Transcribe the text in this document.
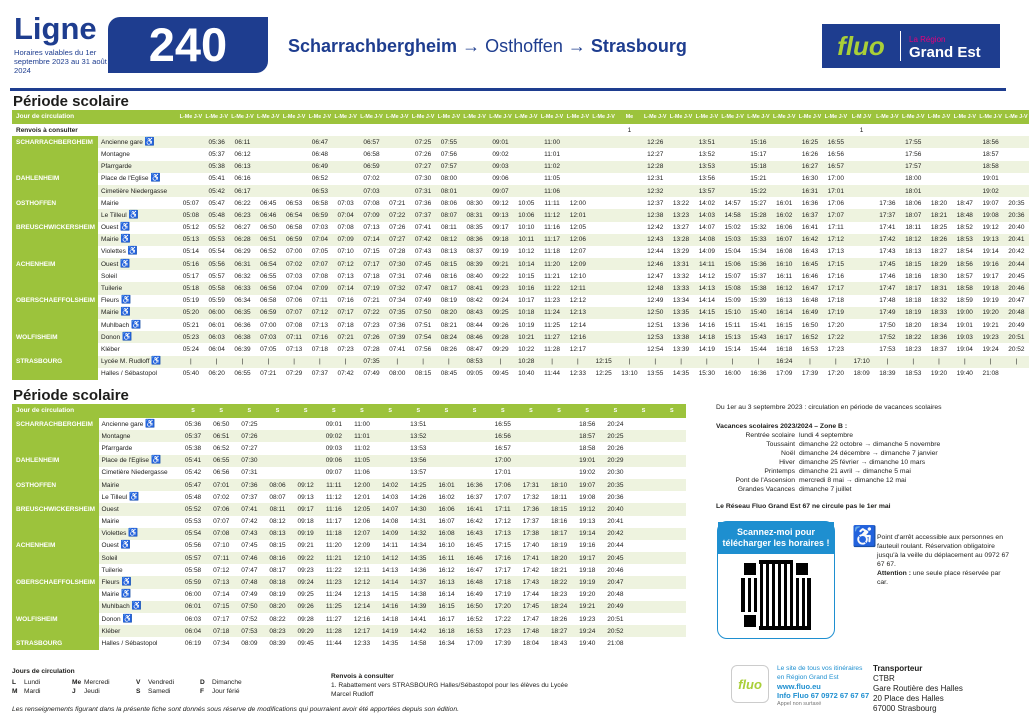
Ligne
Horaires valables du 1er septembre 2023 au 31 août 2024	240	Scharrachbergheim → Osthoffen → Strasbourg	fluo	La Région
Grand Est
Période scolaire
Jour de circulation		L-Me J-V	L-Me J-V	L-Me J-V	L-Me J-V	L-Me J-V	L-Me J-V	L-Me J-V	L-Me J-V	L-Me J-V	L-Me J-V	L-Me J-V	L-Me J-V	L-Me J-V	L-Me J-V	L-Me J-V	L-Me J-V	L-Me J-V	Me	L-Me J-V	L-Me J-V	L-Me J-V	L-Me J-V	L-Me J-V	L-Me J-V	L-Me J-V	L-Me J-V	L-M J-V	L-Me J-V	L-Me J-V	L-Me J-V	L-Me J-V	L-Me J-V	L-Me J-V
Renvois à consulter																			1									1						
SCHARRACHBERGHEIM	Ancienne gare ♿		05:36	06:11			06:47		06:57		07:25	07:55		09:01		11:00				12:26		13:51		15:16		16:25	16:55			17:55			18:56	
	Montagne		05:37	06:12			06:48		06:58		07:26	07:56		09:02		11:01				12:27		13:52		15:17		16:26	16:56			17:56			18:57	
	Pfarrgarde		05:38	06:13			06:49		06:59		07:27	07:57		09:03		11:02				12:28		13:53		15:18		16:27	16:57			17:57			18:58	
DAHLENHEIM	Place de l'Eglise ♿		05:41	06:16			06:52		07:02		07:30	08:00		09:06		11:05				12:31		13:56		15:21		16:30	17:00			18:00			19:01	
	Cimetière Niedergasse		05:42	06:17			06:53		07:03		07:31	08:01		09:07		11:06				12:32		13:57		15:22		16:31	17:01			18:01			19:02	
OSTHOFFEN	Mairie	05:07	05:47	06:22	06:45	06:53	06:58	07:03	07:08	07:21	07:36	08:06	08:30	09:12	10:05	11:11	12:00			12:37	13:22	14:02	14:57	15:27	16:01	16:36	17:06		17:36	18:06	18:20	18:47	19:07	20:35
	Le Tilleul ♿	05:08	05:48	06:23	06:46	06:54	06:59	07:04	07:09	07:22	07:37	08:07	08:31	09:13	10:06	11:12	12:01			12:38	13:23	14:03	14:58	15:28	16:02	16:37	17:07		17:37	18:07	18:21	18:48	19:08	20:36
BREUSCHWICKERSHEIM	Ouest ♿	05:12	05:52	06:27	06:50	06:58	07:03	07:08	07:13	07:26	07:41	08:11	08:35	09:17	10:10	11:16	12:05			12:42	13:27	14:07	15:02	15:32	16:06	16:41	17:11		17:41	18:11	18:25	18:52	19:12	20:40
	Mairie ♿	05:13	05:53	06:28	06:51	06:59	07:04	07:09	07:14	07:27	07:42	08:12	08:36	09:18	10:11	11:17	12:06			12:43	13:28	14:08	15:03	15:33	16:07	16:42	17:12		17:42	18:12	18:26	18:53	19:13	20:41
	Violettes ♿	05:14	05:54	06:29	06:52	07:00	07:05	07:10	07:15	07:28	07:43	08:13	08:37	09:19	10:12	11:18	12:07			12:44	13:29	14:09	15:04	15:34	16:08	16:43	17:13		17:43	18:13	18:27	18:54	19:14	20:42
ACHENHEIM	Ouest ♿	05:16	05:56	06:31	06:54	07:02	07:07	07:12	07:17	07:30	07:45	08:15	08:39	09:21	10:14	11:20	12:09			12:46	13:31	14:11	15:06	15:36	16:10	16:45	17:15		17:45	18:15	18:29	18:56	19:16	20:44
	Soleil	05:17	05:57	06:32	06:55	07:03	07:08	07:13	07:18	07:31	07:46	08:16	08:40	09:22	10:15	11:21	12:10			12:47	13:32	14:12	15:07	15:37	16:11	16:46	17:16		17:46	18:16	18:30	18:57	19:17	20:45
	Tuilerie	05:18	05:58	06:33	06:56	07:04	07:09	07:14	07:19	07:32	07:47	08:17	08:41	09:23	10:16	11:22	12:11			12:48	13:33	14:13	15:08	15:38	16:12	16:47	17:17		17:47	18:17	18:31	18:58	19:18	20:46
OBERSCHAEFFOLSHEIM	Fleurs ♿	05:19	05:59	06:34	06:58	07:06	07:11	07:16	07:21	07:34	07:49	08:19	08:42	09:24	10:17	11:23	12:12			12:49	13:34	14:14	15:09	15:39	16:13	16:48	17:18		17:48	18:18	18:32	18:59	19:19	20:47
	Mairie ♿	05:20	06:00	06:35	06:59	07:07	07:12	07:17	07:22	07:35	07:50	08:20	08:43	09:25	10:18	11:24	12:13			12:50	13:35	14:15	15:10	15:40	16:14	16:49	17:19		17:49	18:19	18:33	19:00	19:20	20:48
	Muhlbach ♿	05:21	06:01	06:36	07:00	07:08	07:13	07:18	07:23	07:36	07:51	08:21	08:44	09:26	10:19	11:25	12:14			12:51	13:36	14:16	15:11	15:41	16:15	16:50	17:20		17:50	18:20	18:34	19:01	19:21	20:49
WOLFISHEIM	Donon ♿	05:23	06:03	06:38	07:03	07:11	07:16	07:21	07:26	07:39	07:54	08:24	08:46	09:28	10:21	11:27	12:16			12:53	13:38	14:18	15:13	15:43	16:17	16:52	17:22		17:52	18:22	18:36	19:03	19:23	20:51
	Kléber	05:24	06:04	06:39	07:05	07:13	07:18	07:23	07:28	07:41	07:56	08:26	08:47	09:29	10:22	11:28	12:17			12:54	13:39	14:19	15:14	15:44	16:18	16:53	17:23		17:53	18:23	18:37	19:04	19:24	20:52
STRASBOURG	Lycée M. Rudloff ♿	|	|	|	|	|	|	|	07:35	|	|	|	08:53	|	10:28	|	|	12:15	|	|	|	|	|	|	16:24	|	|	17:10	|	|	|	|	|	|
	Halles / Sébastopol	05:40	06:20	06:55	07:21	07:29	07:37	07:42	07:49	08:00	08:15	08:45	09:05	09:45	10:40	11:44	12:33	12:25	13:10	13:55	14:35	15:30	16:00	16:36	17:09	17:39	17:20	18:09	18:39	18:53	19:20	19:40	21:08	
Période scolaire
Jour de circulation		S	S	S	S	S	S	S	S	S	S	S	S	S	S	S	S	S	S
SCHARRACHBERGHEIM	Ancienne gare ♿	05:36	06:50	07:25			09:01	11:00		13:51			16:55			18:56	20:24		
	Montagne	05:37	06:51	07:26			09:02	11:01		13:52			16:56			18:57	20:25		
	Pfarrgarde	05:38	06:52	07:27			09:03	11:02		13:53			16:57			18:58	20:26		
DAHLENHEIM	Place de l'Eglise ♿	05:41	06:55	07:30			09:06	11:05		13:56			17:00			19:01	20:29		
	Cimetière Niedergasse	05:42	06:56	07:31			09:07	11:06		13:57			17:01			19:02	20:30		
OSTHOFFEN	Mairie	05:47	07:01	07:36	08:06	09:12	11:11	12:00	14:02	14:25	16:01	16:36	17:06	17:31	18:10	19:07	20:35		
	Le Tilleul ♿	05:48	07:02	07:37	08:07	09:13	11:12	12:01	14:03	14:26	16:02	16:37	17:07	17:32	18:11	19:08	20:36		
BREUSCHWICKERSHEIM	Ouest	05:52	07:06	07:41	08:11	09:17	11:16	12:05	14:07	14:30	16:06	16:41	17:11	17:36	18:15	19:12	20:40		
	Mairie	05:53	07:07	07:42	08:12	09:18	11:17	12:06	14:08	14:31	16:07	16:42	17:12	17:37	18:16	19:13	20:41		
	Violettes ♿	05:54	07:08	07:43	08:13	09:19	11:18	12:07	14:09	14:32	16:08	16:43	17:13	17:38	18:17	19:14	20:42		
ACHENHEIM	Ouest ♿	05:56	07:10	07:45	08:15	09:21	11:20	12:09	14:11	14:34	16:10	16:45	17:15	17:40	18:19	19:16	20:44		
	Soleil	05:57	07:11	07:46	08:16	09:22	11:21	12:10	14:12	14:35	16:11	16:46	17:16	17:41	18:20	19:17	20:45		
	Tuilerie	05:58	07:12	07:47	08:17	09:23	11:22	12:11	14:13	14:36	16:12	16:47	17:17	17:42	18:21	19:18	20:46		
OBERSCHAEFFOLSHEIM	Fleurs ♿	05:59	07:13	07:48	08:18	09:24	11:23	12:12	14:14	14:37	16:13	16:48	17:18	17:43	18:22	19:19	20:47		
	Mairie ♿	06:00	07:14	07:49	08:19	09:25	11:24	12:13	14:15	14:38	16:14	16:49	17:19	17:44	18:23	19:20	20:48		
	Muhlbach ♿	06:01	07:15	07:50	08:20	09:26	11:25	12:14	14:16	14:39	16:15	16:50	17:20	17:45	18:24	19:21	20:49		
WOLFISHEIM	Donon ♿	06:03	07:17	07:52	08:22	09:28	11:27	12:16	14:18	14:41	16:17	16:52	17:22	17:47	18:26	19:23	20:51		
	Kléber	06:04	07:18	07:53	08:23	09:29	11:28	12:17	14:19	14:42	16:18	16:53	17:23	17:48	18:27	19:24	20:52		
STRASBOURG	Halles / Sébastopol	06:19	07:34	08:09	08:39	09:45	11:44	12:33	14:35	14:58	16:34	17:09	17:39	18:04	18:43	19:40	21:08		
Du 1er au 3 septembre 2023 : circulation en période de vacances scolaires
Vacances scolaires 2023/2024 – Zone B :
Rentrée scolaire lundi 4 septembre
Toussaint dimanche 22 octobre → dimanche 5 novembre
Noël dimanche 24 décembre → dimanche 7 janvier
Hiver dimanche 25 février → dimanche 10 mars
Printemps dimanche 21 avril → dimanche 5 mai
Pont de l'Ascension mercredi 8 mai → dimanche 12 mai
Grandes Vacances dimanche 7 juillet
Le Réseau Fluo Grand Est 67 ne circule pas le 1er mai
Scannez-moi pour télécharger les horaires ! ♿ Point d'arrêt accessible aux personnes en fauteuil roulant. Réservation obligatoire jusqu'à la veille du déplacement au 0972 67 67 67.
Attention : une seule place réservée par car.
Jours de circulation
L Lundi	Me Mercredi	V Vendredi	D Dimanche
M Mardi	J Jeudi	S Samedi	F Jour férié
Renvois à consulter
1. Rabattement vers STRASBOURG Halles/Sébastopol pour les élèves du Lycée Marcel Rudloff
Les renseignements figurant dans la présente fiche sont donnés sous réserve de modifications qui pourraient avoir été apportées depuis son édition.
fluo
Le site de tous vos itinéraires
en Région Grand Est
www.fluo.eu
Info Fluo 67 0972 67 67 67
Appel non surtaxé
Transporteur
CTBR
Gare Routière des Halles
20 Place des Halles
67000 Strasbourg
